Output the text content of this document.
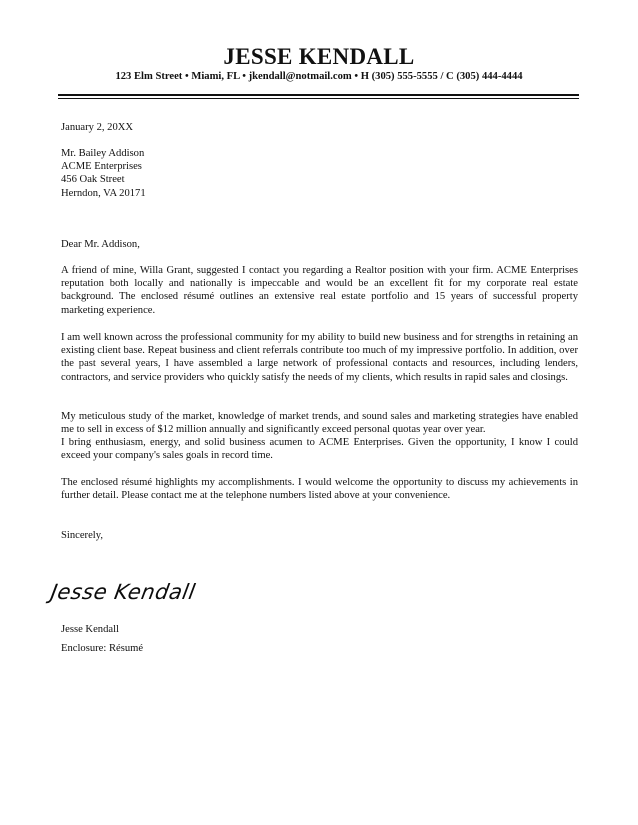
JESSE KENDALL
123 Elm Street • Miami, FL • jkendall@notmail.com • H (305) 555-5555 / C (305) 444-4444
January 2, 20XX

Mr. Bailey Addison

ACME Enterprises

456 Oak Street

Herndon, VA 20171

Dear Mr. Addison,
A friend of mine, Willa Grant, suggested I contact you regarding a Realtor position with your firm. ACME Enterprises reputation both locally and nationally is impeccable and would be an excellent fit for my corporate real estate background. The enclosed résumé outlines an extensive real estate portfolio and 15 years of successful property marketing experience.
I am well known across the professional community for my ability to build new business and for strengths in retaining an existing client base. Repeat business and client referrals contribute too much of my impressive portfolio. In addition, over the past several years, I have assembled a large network of professional contacts and resources, including lenders, contractors, and service providers who quickly satisfy the needs of my clients, which results in rapid sales and closings.
My meticulous study of the market, knowledge of market trends, and sound sales and marketing strategies have enabled me to sell in excess of $12 million annually and significantly exceed personal quotas year over year.
I bring enthusiasm, energy, and solid business acumen to ACME Enterprises. Given the opportunity, I know I could exceed your company's sales goals in record time.
The enclosed résumé highlights my accomplishments. I would welcome the opportunity to discuss my achievements in further detail. Please contact me at the telephone numbers listed above at your convenience.
Sincerely,
Jesse Kendall
Jesse Kendall
Enclosure: Résumé
